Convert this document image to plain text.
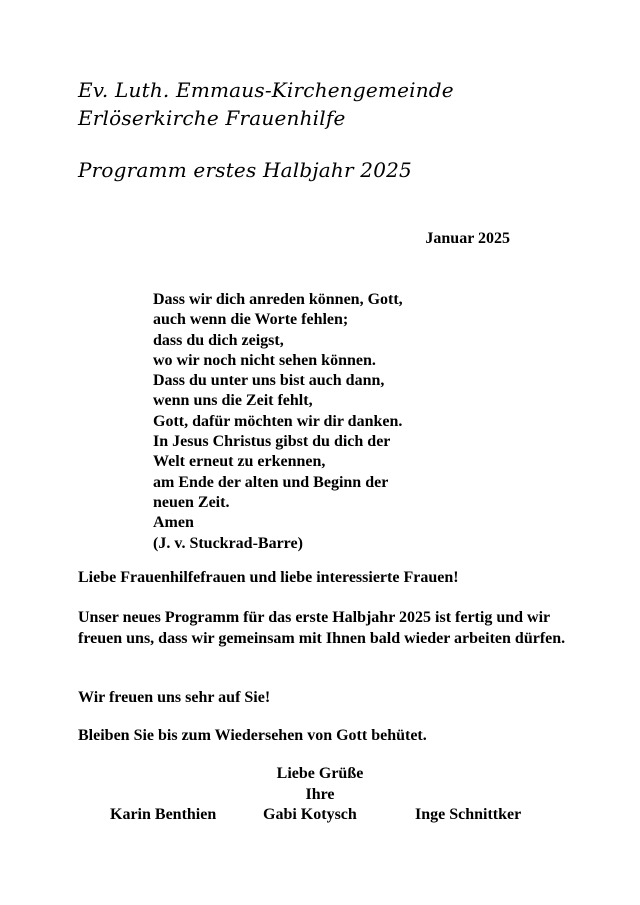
Ev. Luth. Emmaus-Kirchengemeinde
Erlöserkirche Frauenhilfe
Programm erstes Halbjahr 2025
Januar 2025
Dass wir dich anreden können, Gott,
auch wenn die Worte fehlen;
dass du dich zeigst,
wo wir noch nicht sehen können.
Dass du unter uns bist auch dann,
wenn uns die Zeit fehlt,
Gott, dafür möchten wir dir danken.
In Jesus Christus gibst du dich der
Welt erneut zu erkennen,
am Ende der alten und Beginn der
neuen Zeit.
Amen
(J. v. Stuckrad-Barre)
Liebe Frauenhilfefrauen und liebe interessierte Frauen!
Unser neues Programm für das erste Halbjahr 2025 ist fertig und wir freuen uns, dass wir gemeinsam mit Ihnen bald wieder arbeiten dürfen.
Wir freuen uns sehr auf Sie!
Bleiben Sie bis zum Wiedersehen von Gott behütet.
Liebe Grüße
Ihre
Karin Benthien	Gabi Kotysch	Inge Schnittker
